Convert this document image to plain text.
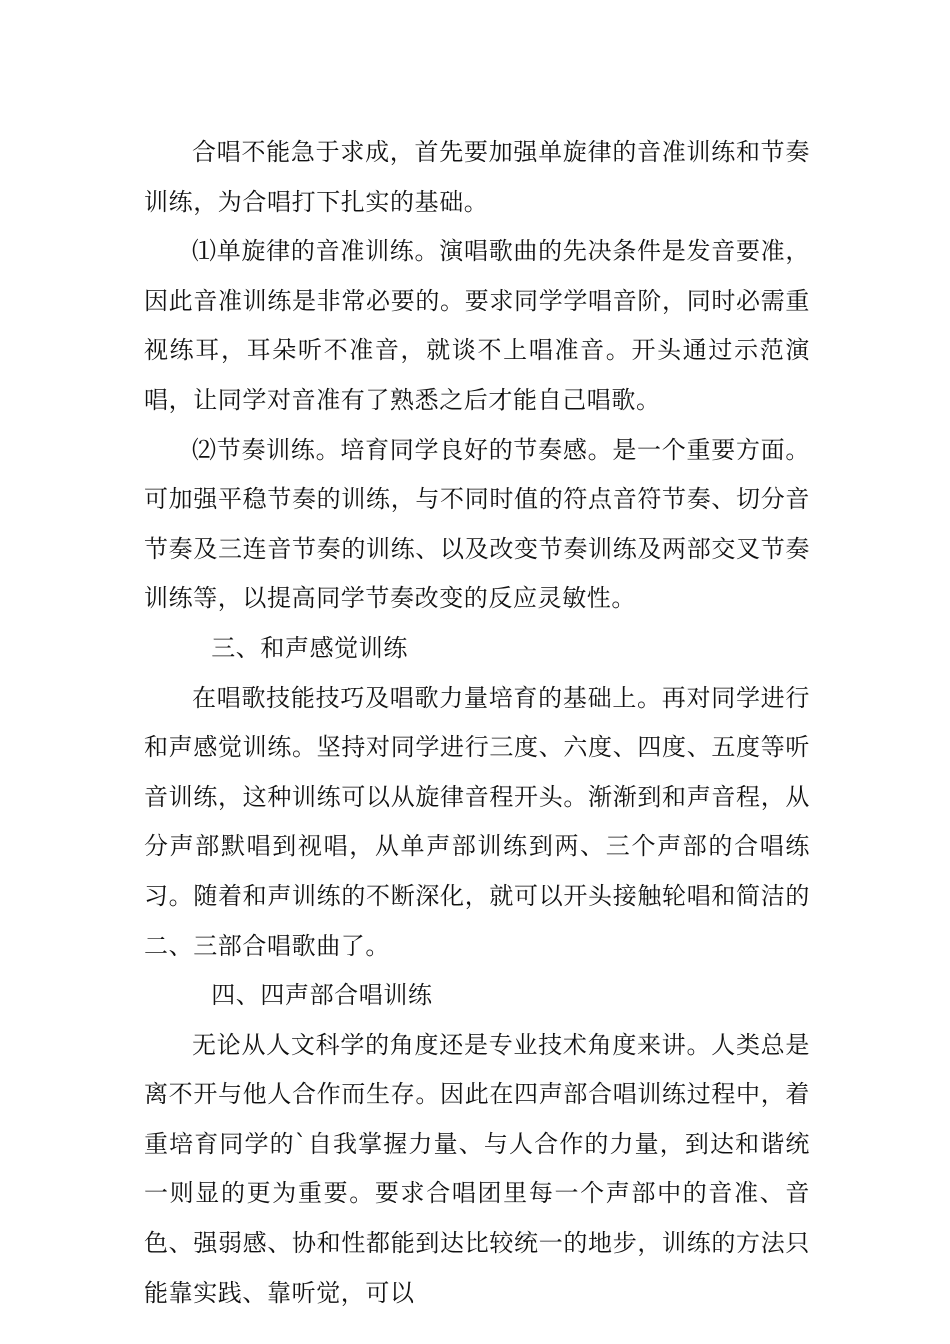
合唱不能急于求成，首先要加强单旋律的音准训练和节奏训练，为合唱打下扎实的基础。

⑴单旋律的音准训练。演唱歌曲的先决条件是发音要准，因此音准训练是非常必要的。要求同学学唱音阶，同时必需重视练耳，耳朵听不准音，就谈不上唱准音。开头通过示范演唱，让同学对音准有了熟悉之后才能自己唱歌。

⑵节奏训练。培育同学良好的节奏感。是一个重要方面。可加强平稳节奏的训练，与不同时值的符点音符节奏、切分音节奏及三连音节奏的训练、以及改变节奏训练及两部交叉节奏训练等，以提高同学节奏改变的反应灵敏性。

三、和声感觉训练

在唱歌技能技巧及唱歌力量培育的基础上。再对同学进行和声感觉训练。坚持对同学进行三度、六度、四度、五度等听音训练，这种训练可以从旋律音程开头。渐渐到和声音程，从分声部默唱到视唱，从单声部训练到两、三个声部的合唱练习。随着和声训练的不断深化，就可以开头接触轮唱和简洁的二、三部合唱歌曲了。

四、四声部合唱训练

无论从人文科学的角度还是专业技术角度来讲。人类总是离不开与他人合作而生存。因此在四声部合唱训练过程中，着重培育同学的`自我掌握力量、与人合作的力量，到达和谐统一则显的更为重要。要求合唱团里每一个声部中的音准、音色、强弱感、协和性都能到达比较统一的地步，训练的方法只能靠实践、靠听觉，可以
